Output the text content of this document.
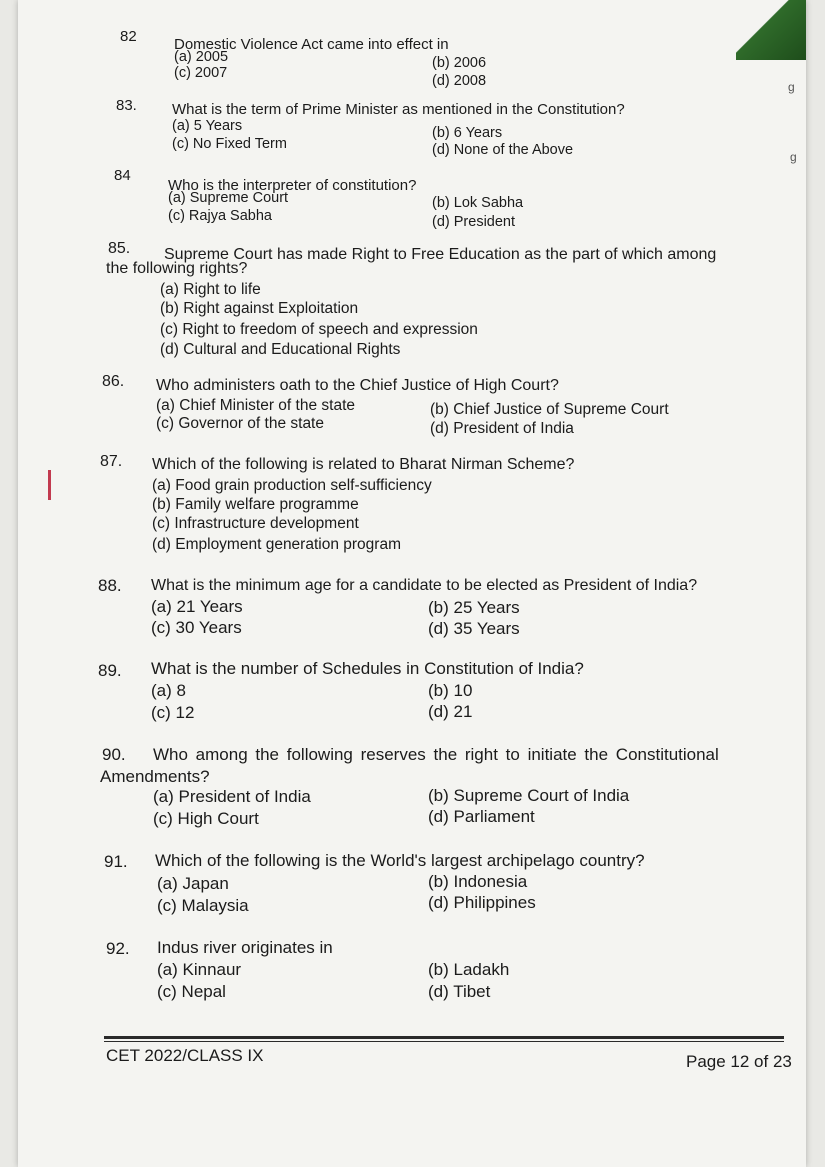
g
g
82 Domestic Violence Act came into effect in
(a) 2005	(b) 2006
(c) 2007	(d) 2008
83. What is the term of Prime Minister as mentioned in the Constitution?
(a) 5 Years	(b) 6 Years
(c) No Fixed Term	(d) None of the Above
84
Who is the interpreter of constitution?
(a) Supreme Court	(b) Lok Sabha
(c) Rajya Sabha	(d) President
85. Supreme Court has made Right to Free Education as the part of which among
the following rights?
(a) Right to life
(b) Right against Exploitation
(c) Right to freedom of speech and expression
(d) Cultural and Educational Rights
86. Who administers oath to the Chief Justice of High Court?
(a) Chief Minister of the state	(b) Chief Justice of Supreme Court
(c) Governor of the state	(d) President of India
87. Which of the following is related to Bharat Nirman Scheme?
(a) Food grain production self-sufficiency
(b) Family welfare programme
(c) Infrastructure development
(d) Employment generation program
88. What is the minimum age for a candidate to be elected as President of India?
(a) 21 Years	(b) 25 Years
(c) 30 Years	(d) 35 Years
89. What is the number of Schedules in Constitution of India?
(a) 8	(b) 10
(c) 12	(d) 21
90. Who among the following reserves the right to initiate the Constitutional
Amendments?
(a) President of India	(b) Supreme Court of India
(c) High Court	(d) Parliament
91. Which of the following is the World's largest archipelago country?
(a) Japan	(b) Indonesia
(c) Malaysia	(d) Philippines
92. Indus river originates in
(a) Kinnaur	(b) Ladakh
(c) Nepal	(d) Tibet
CET 2022/CLASS IX	Page 12 of 23
